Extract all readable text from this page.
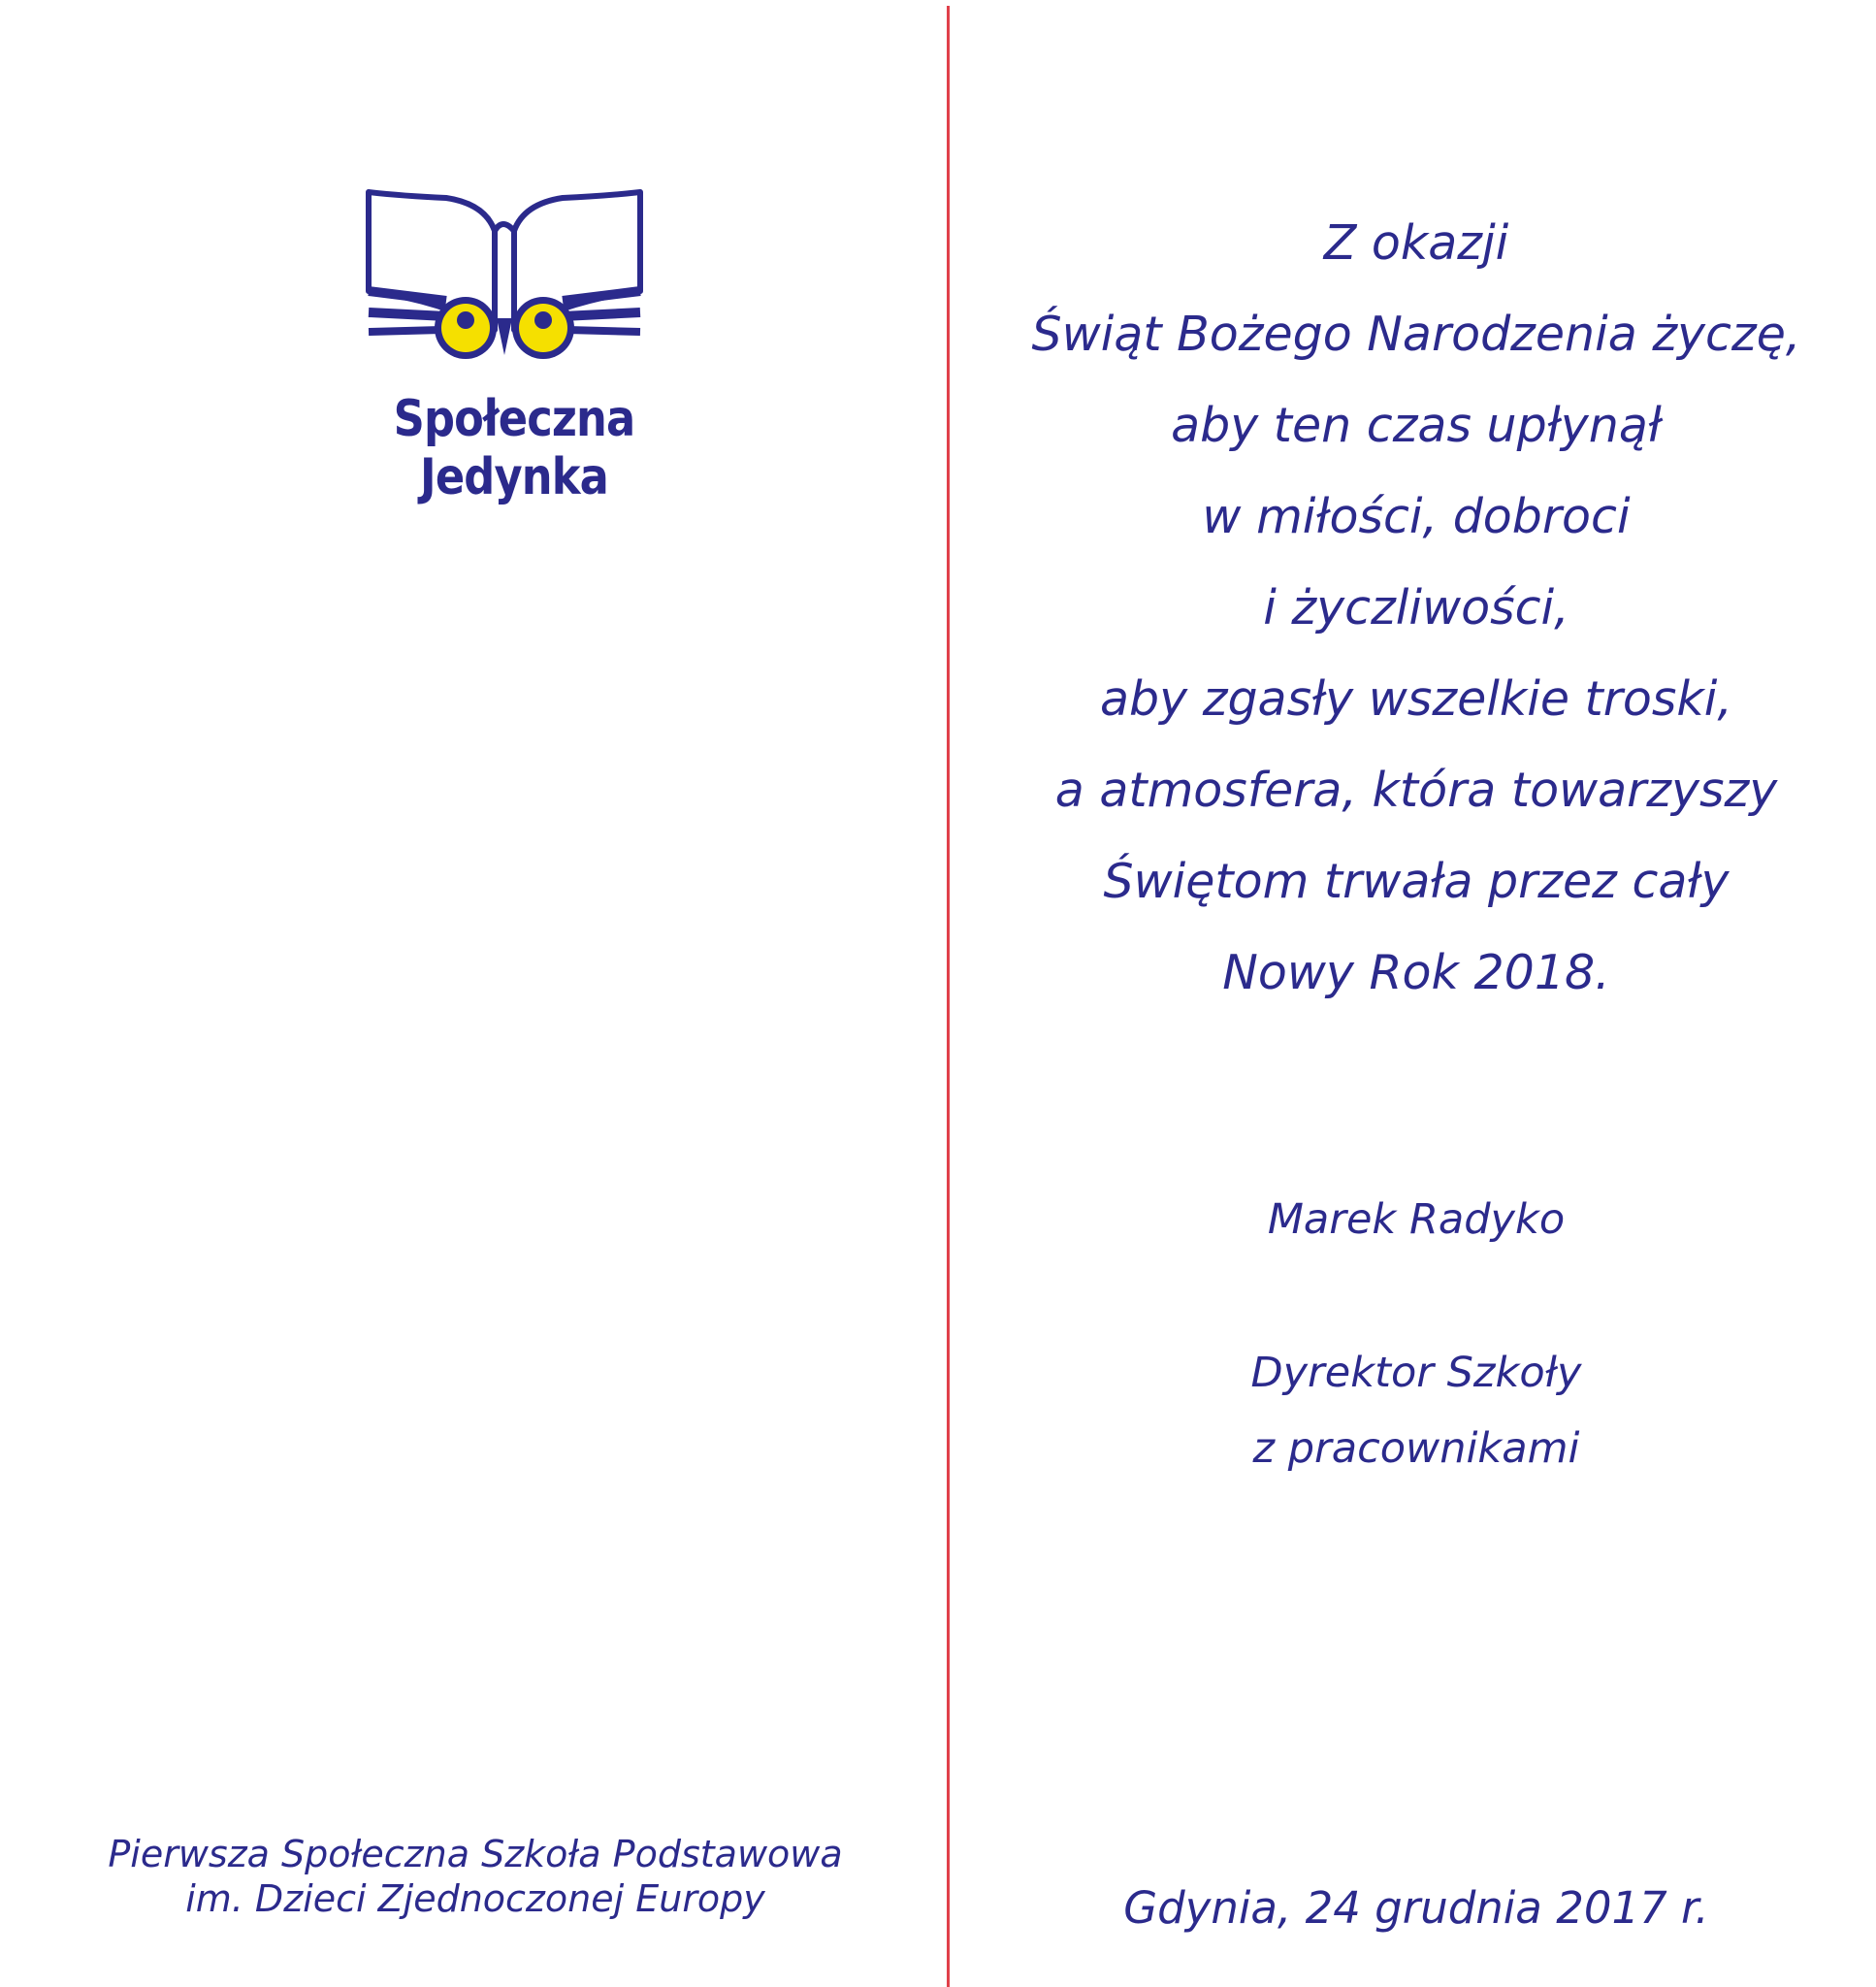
Społeczna Jedynka
Pierwsza Społeczna Szkoła Podstawowa
im. Dzieci Zjednoczonej Europy
Z okazji
Świąt Bożego Narodzenia życzę,
aby ten czas upłynął
w miłości, dobroci
i życzliwości,
aby zgasły wszelkie troski,
a atmosfera, która towarzyszy
Świętom trwała przez cały
Nowy Rok 2018.
Marek Radyko
Dyrektor Szkoły
z pracownikami
Gdynia, 24 grudnia 2017 r.
